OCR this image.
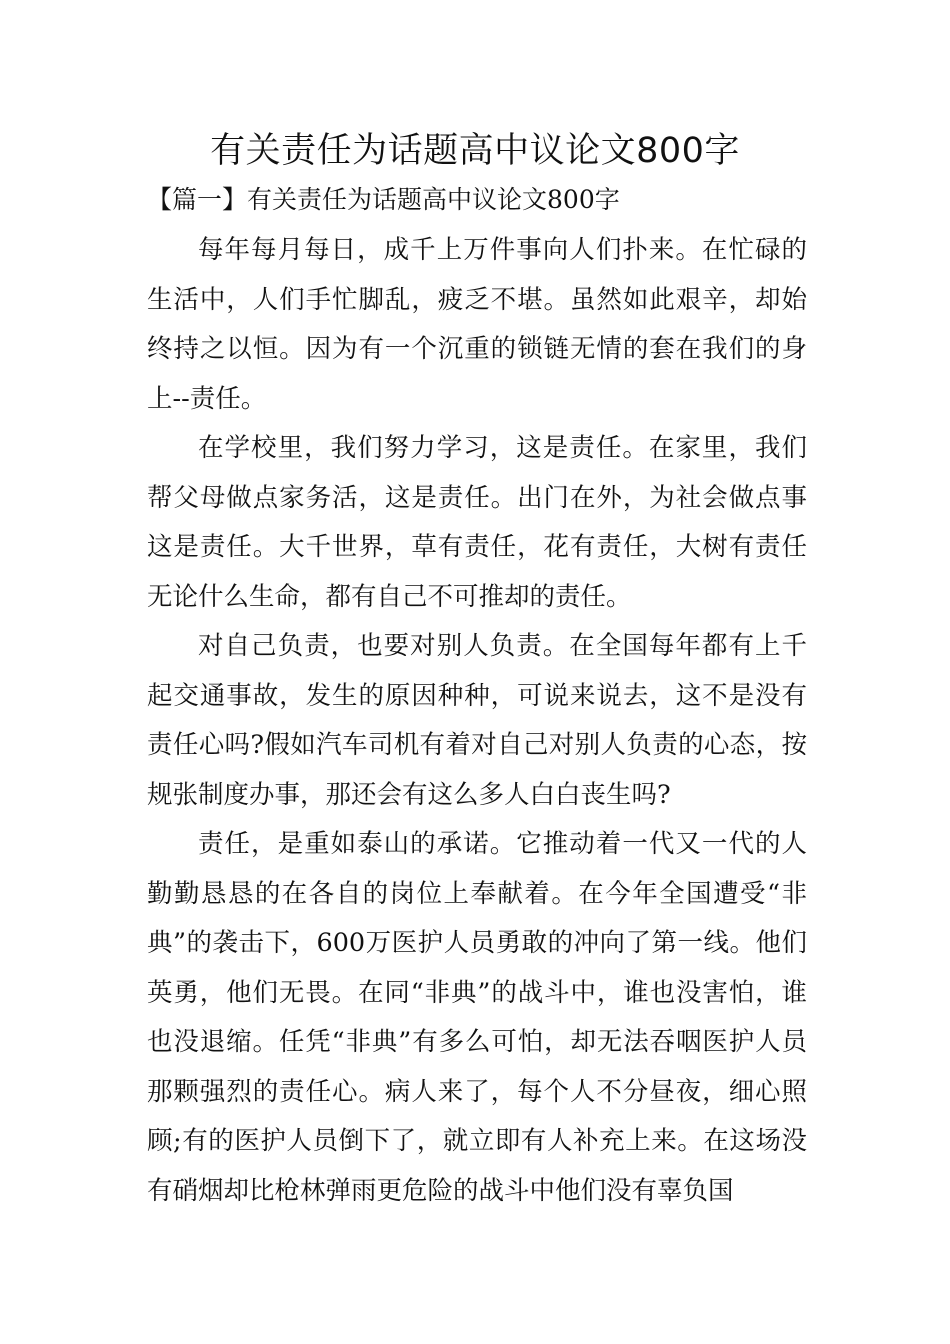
有关责任为话题高中议论文800字
【篇一】有关责任为话题高中议论文800字

每年每月每日，成千上万件事向人们扑来。在忙碌的生活中，人们手忙脚乱，疲乏不堪。虽然如此艰辛，却始终持之以恒。因为有一个沉重的锁链无情的套在我们的身上--责任。

在学校里，我们努力学习，这是责任。在家里，我们帮父母做点家务活，这是责任。出门在外，为社会做点事这是责任。大千世界，草有责任，花有责任，大树有责任无论什么生命，都有自己不可推却的责任。

对自己负责，也要对别人负责。在全国每年都有上千起交通事故，发生的原因种种，可说来说去，这不是没有责任心吗?假如汽车司机有着对自己对别人负责的心态，按规张制度办事，那还会有这么多人白白丧生吗?

责任，是重如泰山的承诺。它推动着一代又一代的人勤勤恳恳的在各自的岗位上奉献着。在今年全国遭受“非典”的袭击下，600万医护人员勇敢的冲向了第一线。他们英勇，他们无畏。在同“非典”的战斗中，谁也没害怕，谁也没退缩。任凭“非典”有多么可怕，却无法吞咽医护人员那颗强烈的责任心。病人来了，每个人不分昼夜，细心照顾;有的医护人员倒下了，就立即有人补充上来。在这场没有硝烟却比枪林弹雨更危险的战斗中他们没有辜负国
